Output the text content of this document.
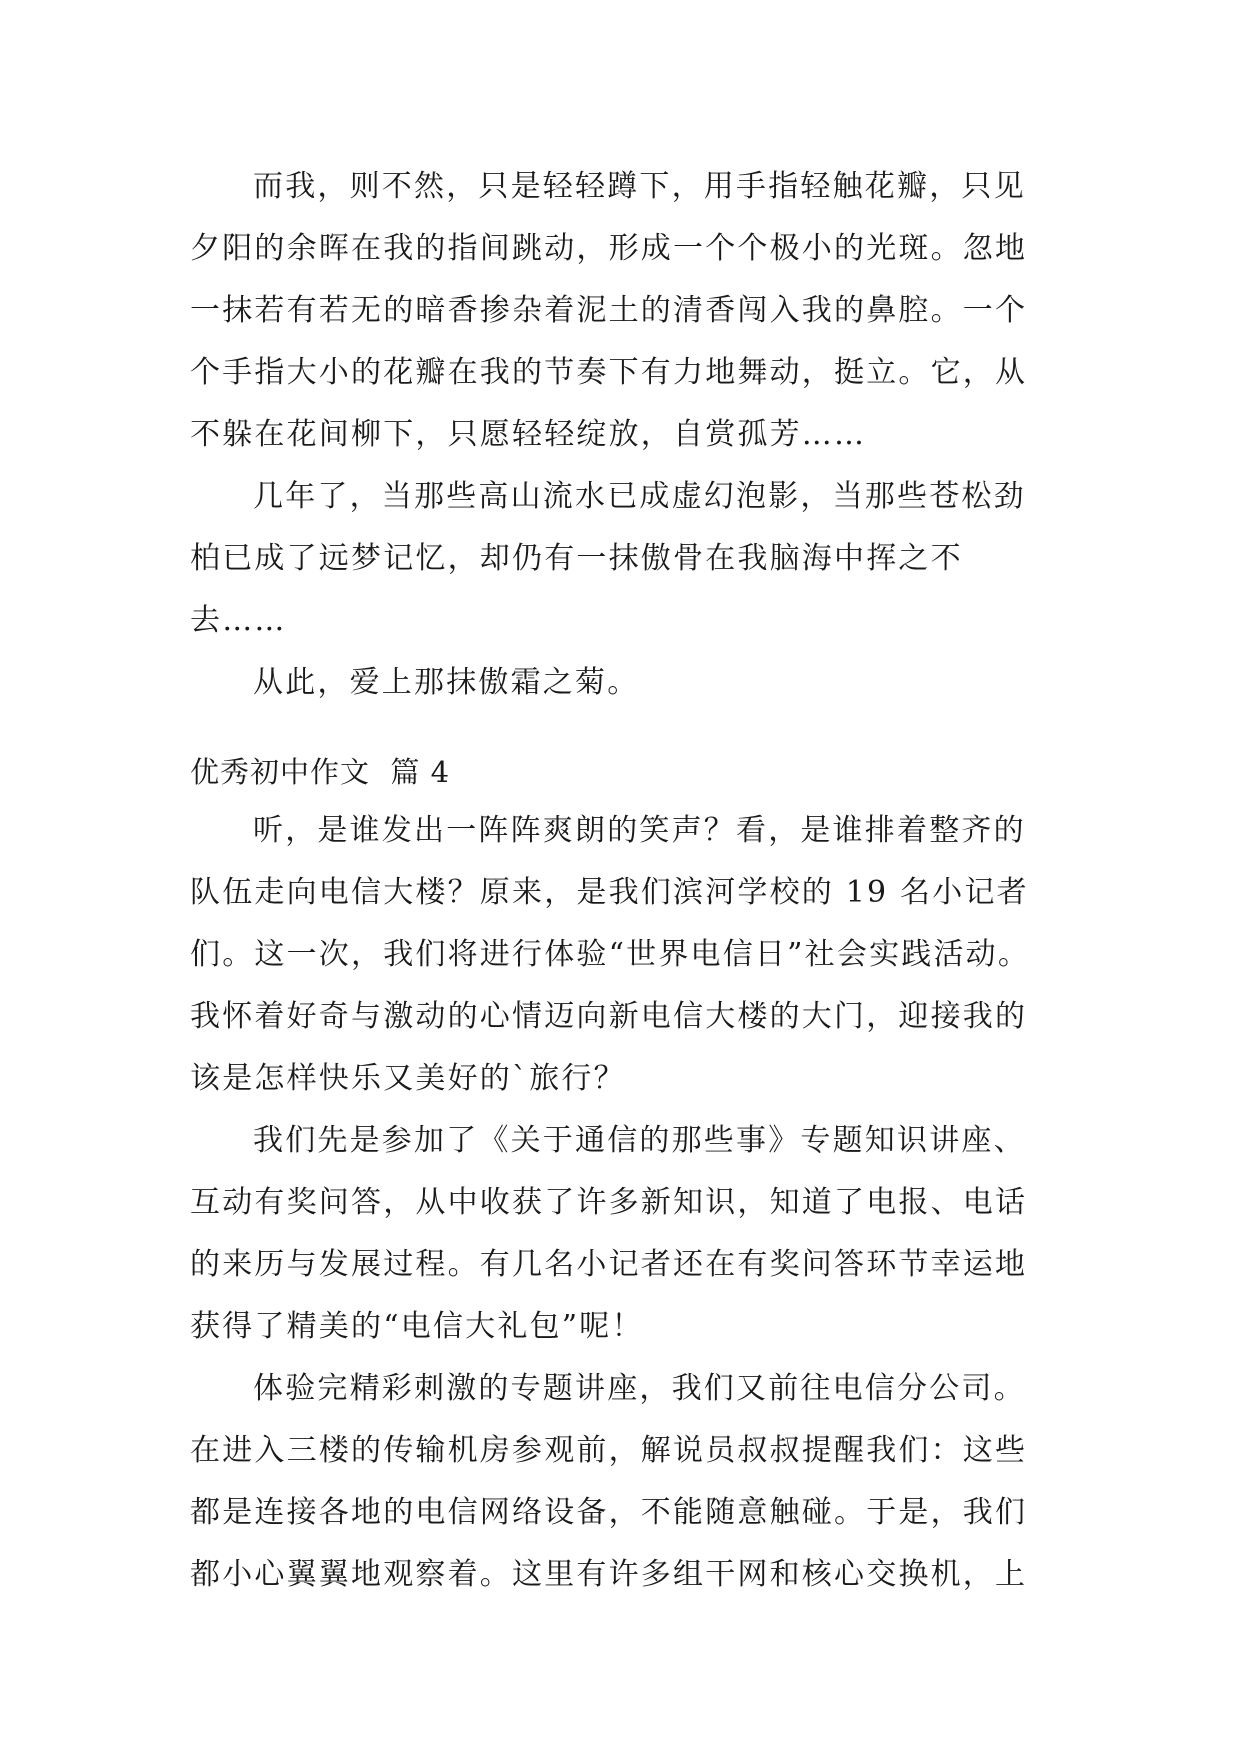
而我，则不然，只是轻轻蹲下，用手指轻触花瓣，只见
夕阳的余晖在我的指间跳动，形成一个个极小的光斑。忽地
一抹若有若无的暗香掺杂着泥土的清香闯入我的鼻腔。一个
个手指大小的花瓣在我的节奏下有力地舞动，挺立。它，从
不躲在花间柳下，只愿轻轻绽放，自赏孤芳……
几年了，当那些高山流水已成虚幻泡影，当那些苍松劲
柏已成了远梦记忆，却仍有一抹傲骨在我脑海中挥之不
去……
从此，爱上那抹傲霜之菊。
优秀初中作文  篇 4
听，是谁发出一阵阵爽朗的笑声？看，是谁排着整齐的
队伍走向电信大楼？原来，是我们滨河学校的 19 名小记者
们。这一次，我们将进行体验“世界电信日”社会实践活动。
我怀着好奇与激动的心情迈向新电信大楼的大门，迎接我的
该是怎样快乐又美好的`旅行？
我们先是参加了《关于通信的那些事》专题知识讲座、
互动有奖问答，从中收获了许多新知识，知道了电报、电话
的来历与发展过程。有几名小记者还在有奖问答环节幸运地
获得了精美的“电信大礼包”呢！
体验完精彩刺激的专题讲座，我们又前往电信分公司。
在进入三楼的传输机房参观前，解说员叔叔提醒我们：这些
都是连接各地的电信网络设备，不能随意触碰。于是，我们
都小心翼翼地观察着。这里有许多组干网和核心交换机，上
